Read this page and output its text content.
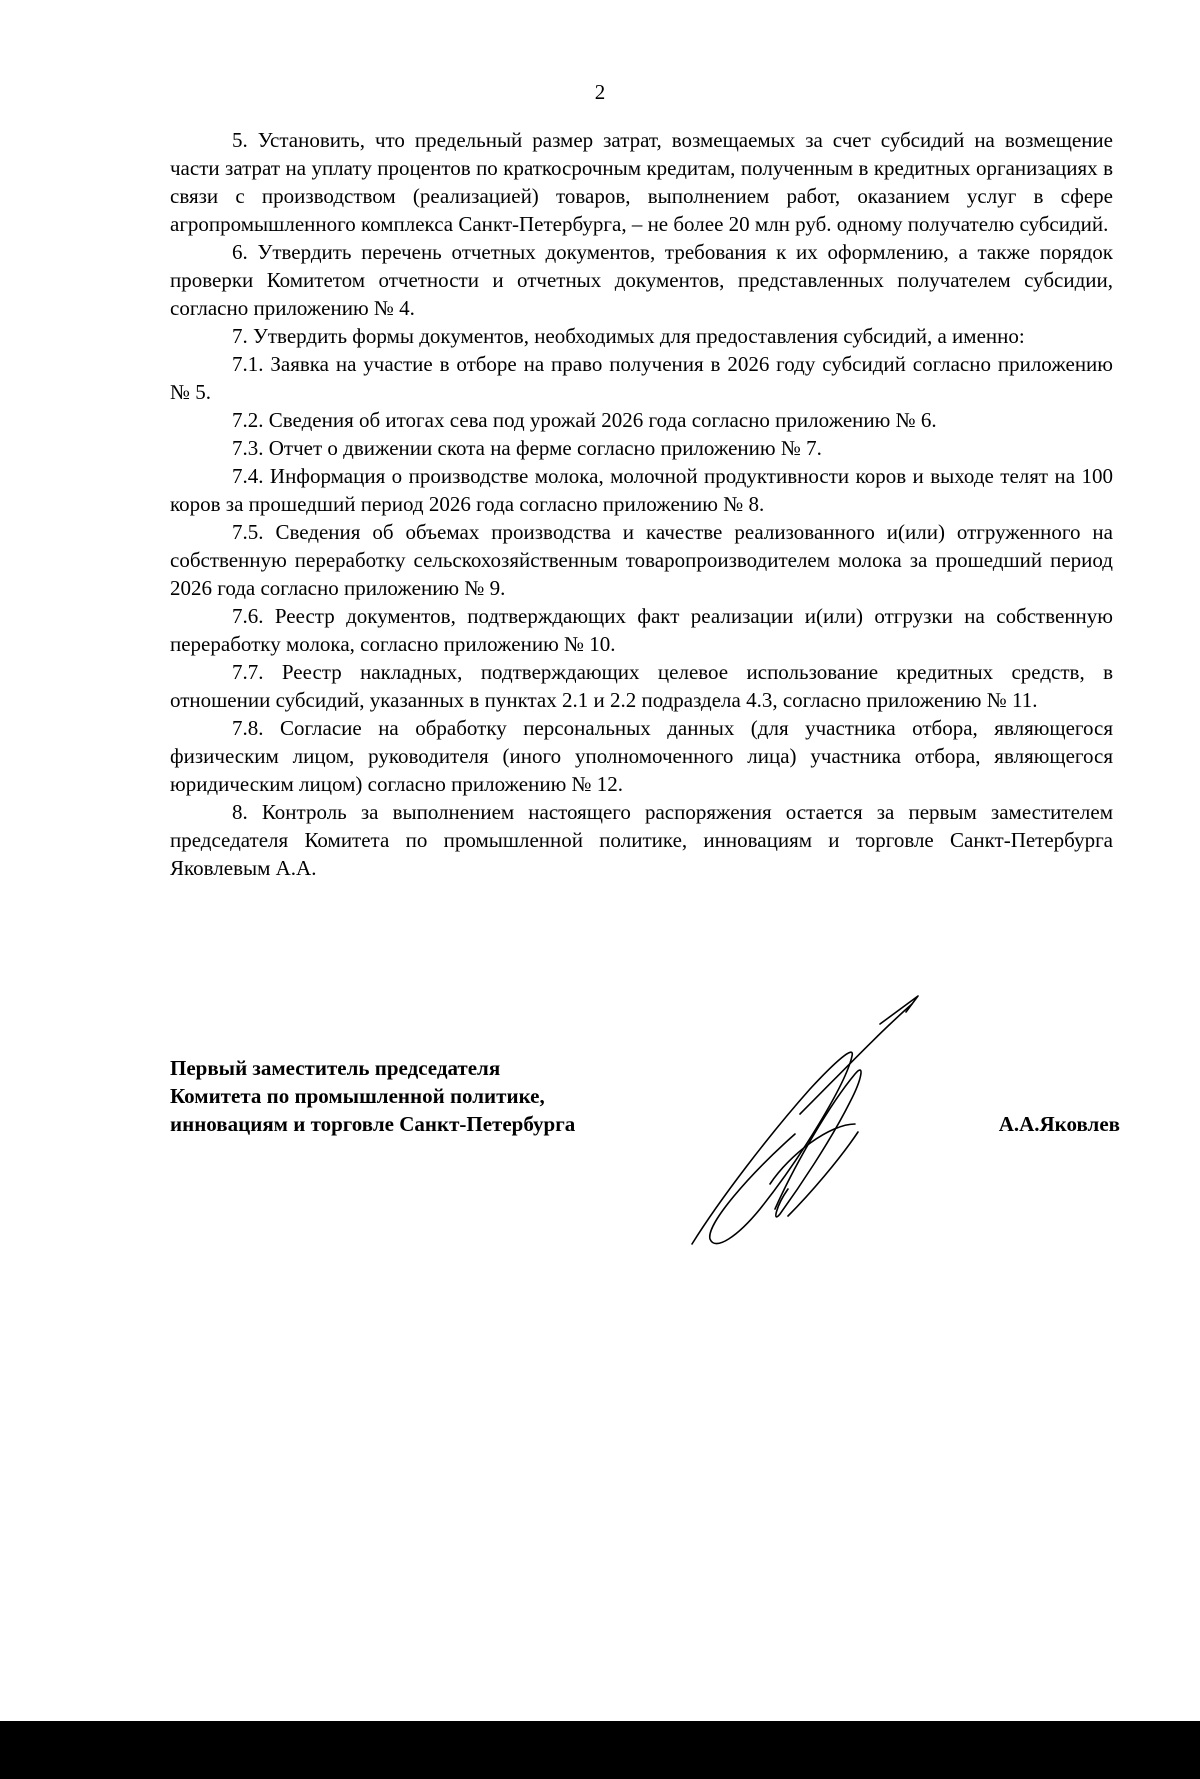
2

5. Установить, что предельный размер затрат, возмещаемых за счет субсидий на возмещение части затрат на уплату процентов по краткосрочным кредитам, полученным в кредитных организациях в связи с производством (реализацией) товаров, выполнением работ, оказанием услуг в сфере агропромышленного комплекса Санкт-Петербурга, – не более 20 млн руб. одному получателю субсидий.

6. Утвердить перечень отчетных документов, требования к их оформлению, а также порядок проверки Комитетом отчетности и отчетных документов, представленных получателем субсидии, согласно приложению № 4.

7. Утвердить формы документов, необходимых для предоставления субсидий, а именно:

7.1. Заявка на участие в отборе на право получения в 2026 году субсидий согласно приложению № 5.

7.2. Сведения об итогах сева под урожай 2026 года согласно приложению № 6.

7.3. Отчет о движении скота на ферме согласно приложению № 7.

7.4. Информация о производстве молока, молочной продуктивности коров и выходе телят на 100 коров за прошедший период 2026 года согласно приложению № 8.

7.5. Сведения об объемах производства и качестве реализованного и(или) отгруженного на собственную переработку сельскохозяйственным товаропроизводителем молока за прошедший период 2026 года согласно приложению № 9.

7.6. Реестр документов, подтверждающих факт реализации и(или) отгрузки на собственную переработку молока, согласно приложению № 10.

7.7. Реестр накладных, подтверждающих целевое использование кредитных средств, в отношении субсидий, указанных в пунктах 2.1 и 2.2 подраздела 4.3, согласно приложению № 11.

7.8. Согласие на обработку персональных данных (для участника отбора, являющегося физическим лицом, руководителя (иного уполномоченного лица) участника отбора, являющегося юридическим лицом) согласно приложению № 12.

8. Контроль за выполнением настоящего распоряжения остается за первым заместителем председателя Комитета по промышленной политике, инновациям и торговле Санкт-Петербурга Яковлевым А.А.

Первый заместитель председателя
Комитета по промышленной политике,
инновациям и торговле Санкт-Петербурга	А.А.Яковлев
